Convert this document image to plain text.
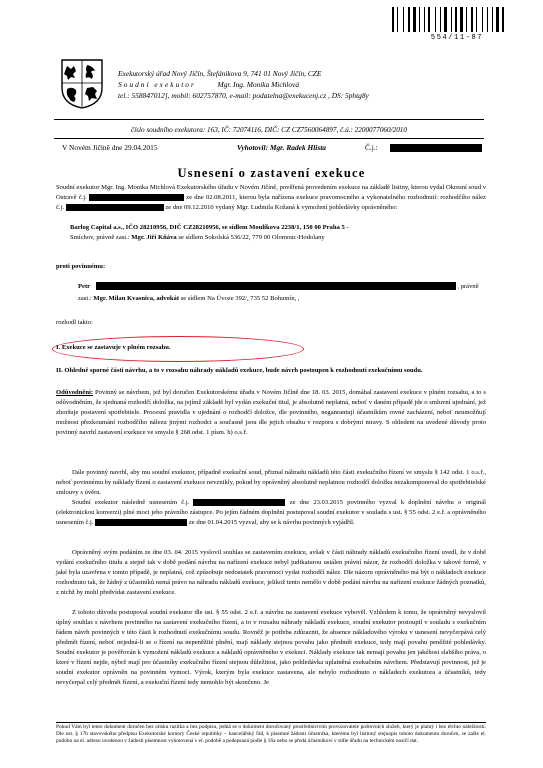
554/11-87
Exekutorský úřad Nový Jičín, Štefánikova 9, 741 01 Nový Jičín, CZE
Soudní exekutor	Mgr. Ing. Monika Michlová
tel.: 558847012], mobil: 602757870, e-mail: podatelna@exekucenj.cz , DS: 5phtg8y
číslo soudního exekutora: 163, IČ: 72074116, DIČ: CZ CZ7560064897, č.ú.: 2200077060/2010
V Novém Jičíně dne 29.04.2015	Vyhotovil: Mgr. Radek Hlista	Č.j.:
Usnesení o zastavení exekuce
Soudní exekutor Mgr. Ing. Monika Michlová Exekutorského úřadu v Novém Jičíně, pověřená provedením exekuce na základě listiny, kterou vydal Okresní soud v Ostravě č.j.	ze dne 02.08.2011, kterou byla nařízena exekuce pravomocného a vykonatelného rozhodnutí: rozhodčího nález č.j.	ze dne 09.12.2010 vydaný Mgr. Ludmila Kožaná k vymožení pohledávky oprávněného:
Barlog Capital a.s., IČO 28210956, DIČ CZ28210956, se sídlem Moulíkova 2238/1, 150 00 Praha 5 -
Smíchov, právně zast.: Mgr. Jiří Kňáva se sídlem Sokolská 536/22, 779 00 Olomouc-Hodolany
proti povinnému:
Petr	, právně
zast.: Mgr. Milan Kvasnica, advokát se sídlem Na Úvoze 392/, 735 52 Bohumín, ,
rozhodl takto:
I. Exekuce se zastavuje v plném rozsahu.
II. Ohledně sporné části návrhu, a to v rozsahu náhrady nákladů exekuce, bude návrh postoupen k rozhodnutí exekučnímu soudu.
Odůvodnění: Povinný se návrhem, jež byl doručen Exekutorskému úřadu v Novém Jičíně dne 18. 03. 2015, domáhal zastavení exekuce v plném rozsahu, a to s odůvodněním, že sjednaná rozhodčí doložka, na jejímž základě byl vydán exekuční titul, je absolutně neplatná, neboť v daném případě jde o smluvní ujednání, jež zhoršuje postavení spotřebitele. Procesní pravidla v ujednání o rozhodčí doložce, dle povinného, neganrantují účastníkům rovné zacházení, neboť neumožňují možnost přezkoumání rozhodčího nálezu jinými rozhodci a současně jsou dle jejich obsahu v rozporu s dobrými mravy. S ohledem na uvedené důvody proto povinný navrhl zastavení exekuce ve smyslu § 268 odst. 1 písm. h) o.s.ř.
Dále povinný navrhl, aby mu soudní exekutor, případně exekuční soud, přiznal náhradu nákladů této části exekučního řízení ve smyslu § 142 odst. 1 o.s.ř., neboť povinnému by náklady řízení o zastavení exekuce nevznikly, pokud by oprávněný absolutně neplatnou rozhodčí doložku nezakomponoval do spotřebitelské smlouvy s úvěru.
Soudní exekutor následně usnesením č.j.	ze dne 23.03.2015 povinného vyzval k doplnění návrhu o originál (elektronickou konverzi) plné moci jeho právního zástupce. Po jejím řádném doplnění postupoval soudní exekutor v souladu s ust. § 55 odst. 2 e.ř. a oprávněného usnesením č.j.	ze dne 01.04.2015 vyzval, aby se k návrhu povinných vyjádřil.
Oprávněný svým podáním ze dne 03. 04. 2015 vyslovil souhlas se zastavením exekuce, avšak v části náhrady nákladů exekučního řízení uvedl, že v době vydání exekučního titulu a stejně tak v době podání návrhu na nařízení exekuce nebyl judikaturou ustálen právní názor, že rozhodčí doložka v takové formě, v jaké byla uzavřena v tomto případě, je neplatná, což způsobuje nedostatek pravomoci vydat rozhodčí nález. Dle názoru oprávněného má být o nákladech exekuce rozhodnuto tak, že žádný z účastníků nemá právo na náhradu nákladů exekuce, jelikož tento nemělo v době podání návrhu na nařízení exekuce žádných poznatků, z nichž by mohl předvídat zastavení exekuce.
Z tohoto důvodu postupoval soudní exekutor dle ust. § 55 odst. 2 e.ř. a návrhu na zastavení exekuce vyhověl. Vzhledem k tomu, že oprávněný nevyslovil úplný souhlas s návrhem povinného na zastavení exekučního řízení, a to v rozsahu náhrady nákladů exekuce, soudní exekutor postoupil v souladu s exekučním řádem návrh povinných v této části k rozhodnutí exekučnímu soudu. Rovněž je potřeba zdůraznit, že absence nákladového výroku v usnesení nevyčerpává celý předmět řízení, neboť nejedná-li se o řízení na nepeněžité plnění, mají náklady stejnou povahu jako předmět exekuce, tedy mají povahu peněžité pohledávky. Soudní exekutor je pověřován k vymožení nákladů exekuce a nákladů oprávněného v exekuci. Náklady exekuce tak nemají povahu jen jakéhosi slabšího práva, o které v řízení nejde, nýbrž mají pro účastníky exekučního řízení stejnou důležitost, jako pohledávka uplatněná exekučním návrhem. Představují povinnost, jež je soudní exekutor oprávněn na povinném vymoci. Výrok, kterým byla exekuce zastavena, ale nebylo rozhodnuto o nákladech exekutora a účastníků, tedy nevyčerpal celý předmět řízení, a exekuční řízení tedy nemohlo být skončeno. Je
Pokud Vám byl tento dokument doručen bez otisku razítka a bez podpisu, jedná se o dokument doručovaný prostřednictvím provozovatele poštovních služeb, který je platný i bez těchto náležitostí. Dle ust. § 17b stavovského předpisu Exekutorské komory České republiky – kancelářský řád, k písemné žádosti účastníka, kterému byl listinný stejnopis tohoto dokumentu doručen, se zašle el. podobu na el. adresu uvedenou v žádosti písemnost vyhotovená v el. podobě a podepsaná podle § 16a nebo se předá účastníkovi v sídle úřadu na technickém nosiči dat.
